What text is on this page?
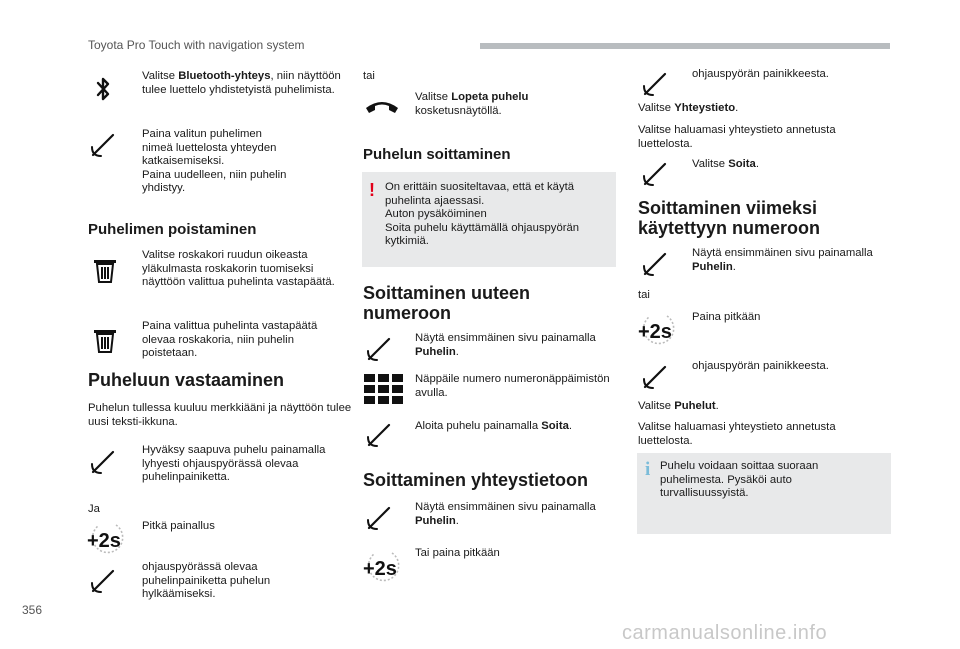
Toyota Pro Touch with navigation system

Valitse Bluetooth-yhteys, niin näyttöön tulee luettelo yhdistetyistä puhelimista.

Paina valitun puhelimen
nimeä luettelosta yhteyden
katkaisemiseksi.
Paina uudelleen, niin puhelin
yhdistyy.

Puhelimen poistaminen

Valitse roskakori ruudun oikeasta yläkulmasta roskakorin tuomiseksi näyttöön valittua puhelinta vastapäätä.

Paina valittua puhelinta vastapäätä olevaa roskakoria, niin puhelin poistetaan.

Puheluun vastaaminen

Puhelun tullessa kuuluu merkkiääni ja näyttöön tulee uusi teksti-ikkuna.

Hyväksy saapuva puhelu painamalla lyhyesti ohjauspyörässä olevaa puhelinpainiketta.

Ja

+2s

Pitkä painallus

ohjauspyörässä olevaa puhelinpainiketta puhelun hylkäämiseksi.

tai

Valitse Lopeta puhelu kosketusnäytöllä.

Puhelun soittaminen
! On erittäin suositeltavaa, että et käytä puhelinta ajaessasi.
Auton pysäköiminen
Soita puhelu käyttämällä ohjauspyörän kytkimiä.

Soittaminen uuteen numeroon

Näytä ensimmäinen sivu painamalla Puhelin.

Näppäile numero numeronäppäimistön avulla.

Aloita puhelu painamalla Soita.

Soittaminen yhteystietoon

Näytä ensimmäinen sivu painamalla Puhelin.

+2s

Tai paina pitkään

ohjauspyörän painikkeesta.

Valitse Yhteystieto.

Valitse haluamasi yhteystieto annetusta luettelosta.

Valitse Soita.

Soittaminen viimeksi käytettyyn numeroon

Näytä ensimmäinen sivu painamalla Puhelin.

tai

+2s

Paina pitkään

ohjauspyörän painikkeesta.

Valitse Puhelut.

Valitse haluamasi yhteystieto annetusta luettelosta.

i Puhelu voidaan soittaa suoraan puhelimesta. Pysäköi auto turvallisuussyistä.

356
carmanualsonline.info
